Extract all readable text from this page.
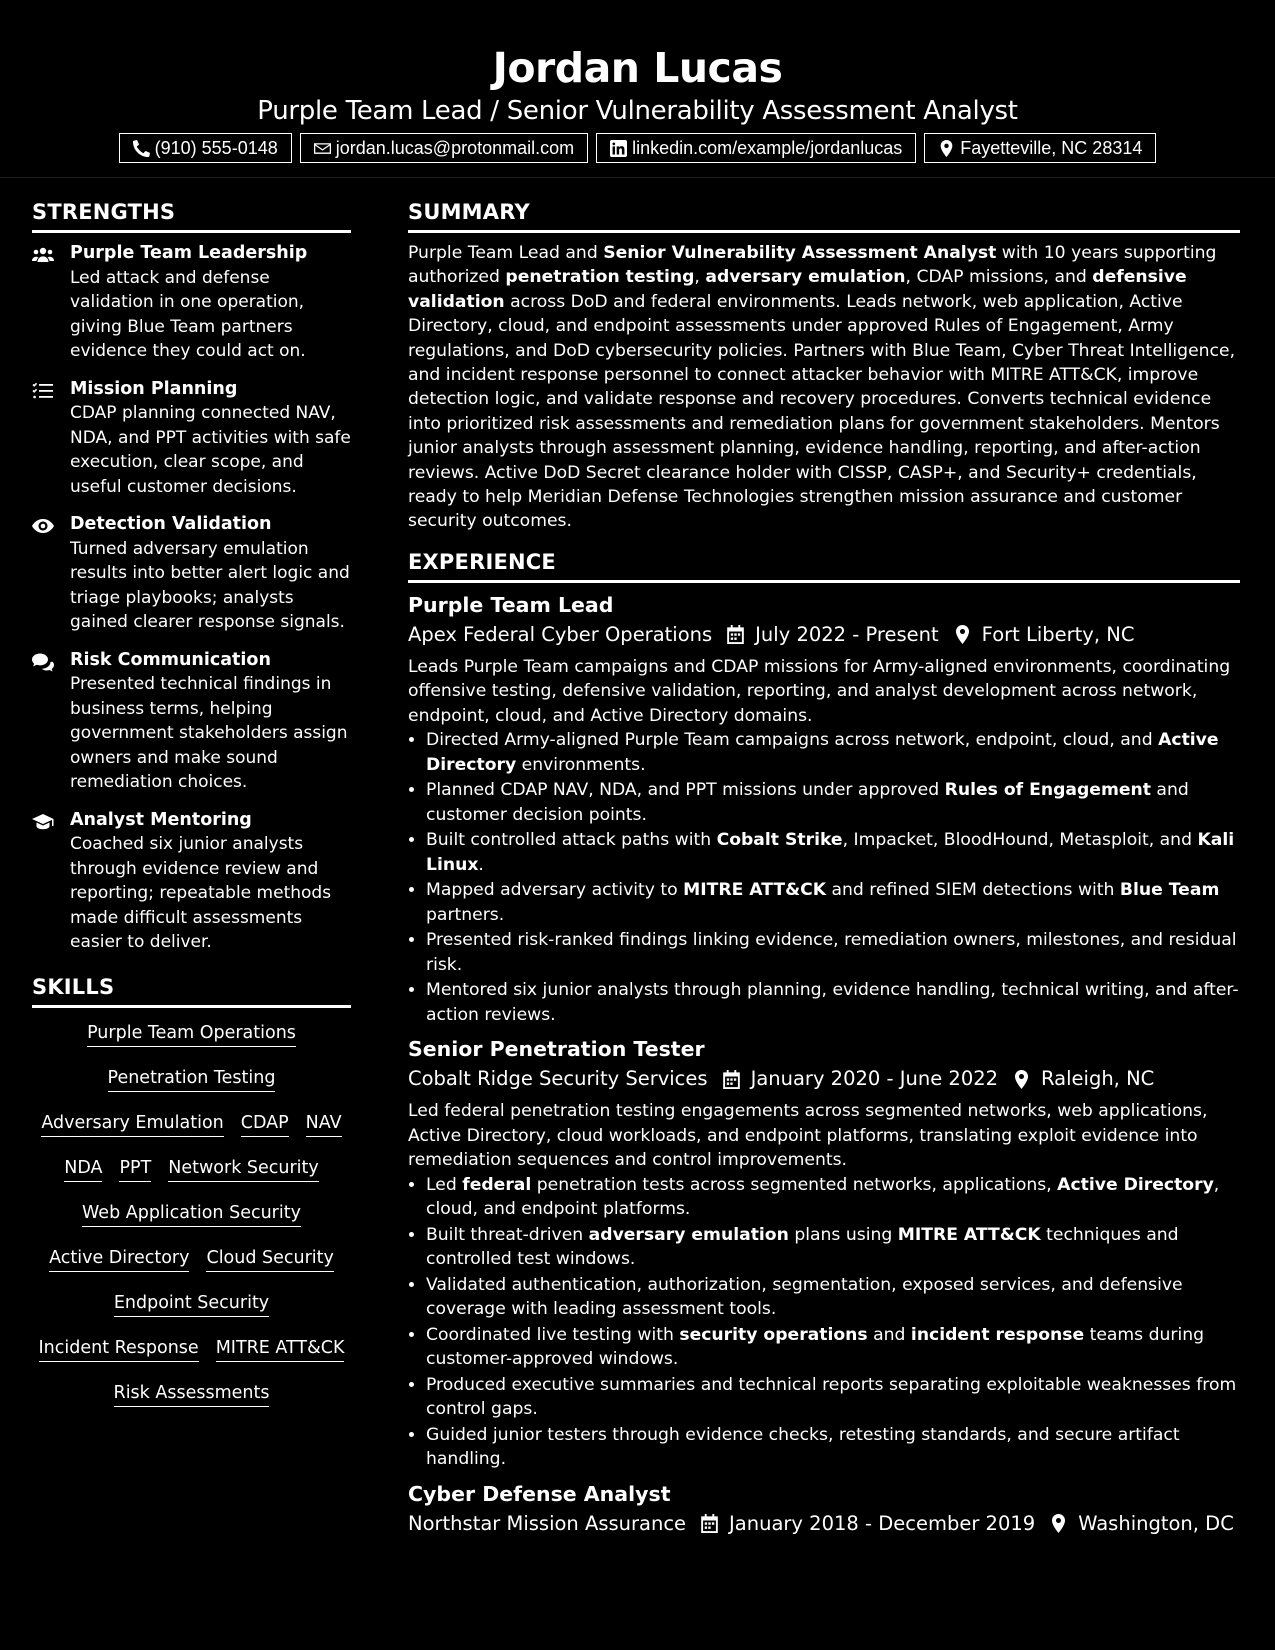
Jordan Lucas

Purple Team Lead / Senior Vulnerability Assessment Analyst

(910) 555-0148	jordan.lucas@protonmail.com	linkedin.com/example/jordanlucas	Fayetteville, NC 28314
STRENGTHS
Purple Team Leadership
Led attack and defense validation in one operation, giving Blue Team partners evidence they could act on.
Mission Planning
CDAP planning connected NAV, NDA, and PPT activities with safe execution, clear scope, and useful customer decisions.
Detection Validation
Turned adversary emulation results into better alert logic and triage playbooks; analysts gained clearer response signals.
Risk Communication
Presented technical findings in business terms, helping government stakeholders assign owners and make sound remediation choices.
Analyst Mentoring
Coached six junior analysts through evidence review and reporting; repeatable methods made difficult assessments easier to deliver.
SKILLS
Purple Team Operations
Penetration Testing
Adversary Emulation CDAP NAV
NDA PPT Network Security
Web Application Security
Active Directory Cloud Security
Endpoint Security
Incident Response MITRE ATT&CK
Risk Assessments
SUMMARY

Purple Team Lead and Senior Vulnerability Assessment Analyst with 10 years supporting authorized penetration testing, adversary emulation, CDAP missions, and defensive validation across DoD and federal environments. Leads network, web application, Active Directory, cloud, and endpoint assessments under approved Rules of Engagement, Army regulations, and DoD cybersecurity policies. Partners with Blue Team, Cyber Threat Intelligence, and incident response personnel to connect attacker behavior with MITRE ATT&CK, improve detection logic, and validate response and recovery procedures. Converts technical evidence into prioritized risk assessments and remediation plans for government stakeholders. Mentors junior analysts through assessment planning, evidence handling, reporting, and after-action reviews. Active DoD Secret clearance holder with CISSP, CASP+, and Security+ credentials, ready to help Meridian Defense Technologies strengthen mission assurance and customer security outcomes.

EXPERIENCE
Purple Team Lead
Apex Federal Cyber Operations July 2022 - Present Fort Liberty, NC

Leads Purple Team campaigns and CDAP missions for Army-aligned environments, coordinating offensive testing, defensive validation, reporting, and analyst development across network, endpoint, cloud, and Active Directory domains.

• Directed Army-aligned Purple Team campaigns across network, endpoint, cloud, and Active Directory environments.
• Planned CDAP NAV, NDA, and PPT missions under approved Rules of Engagement and customer decision points.
• Built controlled attack paths with Cobalt Strike, Impacket, BloodHound, Metasploit, and Kali Linux.
• Mapped adversary activity to MITRE ATT&CK and refined SIEM detections with Blue Team partners.
• Presented risk-ranked findings linking evidence, remediation owners, milestones, and residual risk.
• Mentored six junior analysts through planning, evidence handling, technical writing, and after-action reviews.
Senior Penetration Tester
Cobalt Ridge Security Services January 2020 - June 2022 Raleigh, NC

Led federal penetration testing engagements across segmented networks, web applications, Active Directory, cloud workloads, and endpoint platforms, translating exploit evidence into remediation sequences and control improvements.

• Led federal penetration tests across segmented networks, applications, Active Directory, cloud, and endpoint platforms.
• Built threat-driven adversary emulation plans using MITRE ATT&CK techniques and controlled test windows.
• Validated authentication, authorization, segmentation, exposed services, and defensive coverage with leading assessment tools.
• Coordinated live testing with security operations and incident response teams during customer-approved windows.
• Produced executive summaries and technical reports separating exploitable weaknesses from control gaps.
• Guided junior testers through evidence checks, retesting standards, and secure artifact handling.
Cyber Defense Analyst
Northstar Mission Assurance January 2018 - December 2019 Washington, DC
